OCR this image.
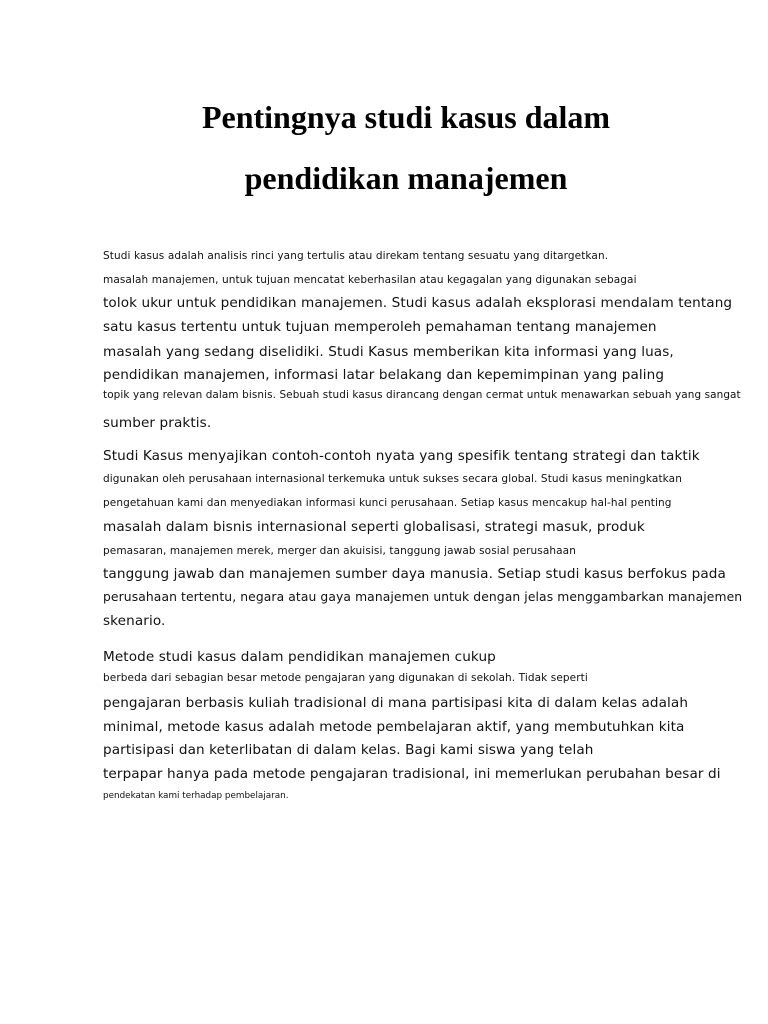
Pentingnya studi kasus dalam
pendidikan manajemen
Studi kasus adalah analisis rinci yang tertulis atau direkam tentang sesuatu yang ditargetkan.
masalah manajemen, untuk tujuan mencatat keberhasilan atau kegagalan yang digunakan sebagai
tolok ukur untuk pendidikan manajemen. Studi kasus adalah eksplorasi mendalam tentang
satu kasus tertentu untuk tujuan memperoleh pemahaman tentang manajemen
masalah yang sedang diselidiki. Studi Kasus memberikan kita informasi yang luas,
pendidikan manajemen, informasi latar belakang dan kepemimpinan yang paling
topik yang relevan dalam bisnis. Sebuah studi kasus dirancang dengan cermat untuk menawarkan sebuah yang sangat
sumber praktis.
Studi Kasus menyajikan contoh-contoh nyata yang spesifik tentang strategi dan taktik
digunakan oleh perusahaan internasional terkemuka untuk sukses secara global. Studi kasus meningkatkan
pengetahuan kami dan menyediakan informasi kunci perusahaan. Setiap kasus mencakup hal-hal penting
masalah dalam bisnis internasional seperti globalisasi, strategi masuk, produk
pemasaran, manajemen merek, merger dan akuisisi, tanggung jawab sosial perusahaan
tanggung jawab dan manajemen sumber daya manusia. Setiap studi kasus berfokus pada
perusahaan tertentu, negara atau gaya manajemen untuk dengan jelas menggambarkan manajemen
skenario.
Metode studi kasus dalam pendidikan manajemen cukup
berbeda dari sebagian besar metode pengajaran yang digunakan di sekolah. Tidak seperti
pengajaran berbasis kuliah tradisional di mana partisipasi kita di dalam kelas adalah
minimal, metode kasus adalah metode pembelajaran aktif, yang membutuhkan kita
partisipasi dan keterlibatan di dalam kelas. Bagi kami siswa yang telah
terpapar hanya pada metode pengajaran tradisional, ini memerlukan perubahan besar di
pendekatan kami terhadap pembelajaran.
